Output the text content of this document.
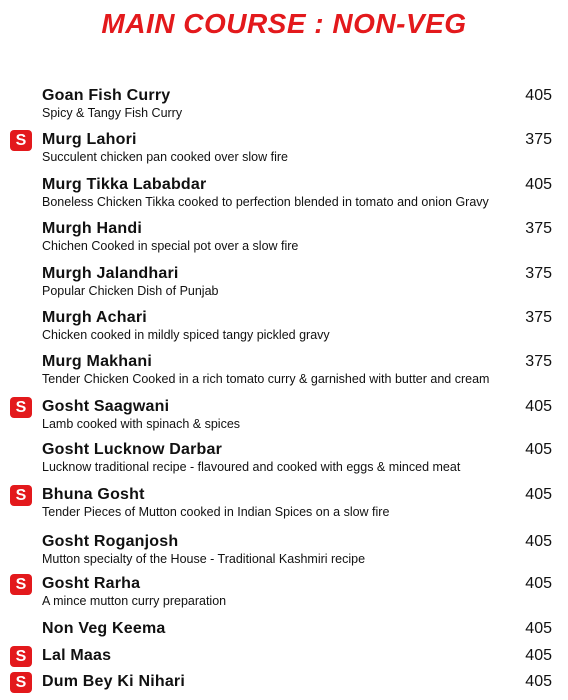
MAIN COURSE : NON-VEG
Goan Fish Curry	405
Spicy & Tangy Fish Curry
S Murg Lahori	375
Succulent chicken pan cooked over slow fire
Murg Tikka Lababdar	405
Boneless Chicken Tikka cooked to perfection blended in tomato and onion Gravy
Murgh Handi	375
Chichen Cooked in special pot over a slow fire
Murgh Jalandhari	375
Popular Chicken Dish of Punjab
Murgh Achari	375
Chicken cooked in mildly spiced tangy pickled gravy
Murg Makhani	375
Tender Chicken Cooked in a rich tomato curry & garnished with butter and cream
S Gosht Saagwani	405
Lamb cooked with spinach & spices
Gosht Lucknow Darbar	405
Lucknow traditional recipe - flavoured and cooked with eggs & minced meat
S Bhuna Gosht	405
Tender Pieces of Mutton cooked in Indian Spices on a slow fire
Gosht Roganjosh	405
Mutton specialty of the House - Traditional Kashmiri recipe
S Gosht Rarha	405
A mince mutton curry preparation
Non Veg Keema	405
S Lal Maas	405
S Dum Bey Ki Nihari	405
